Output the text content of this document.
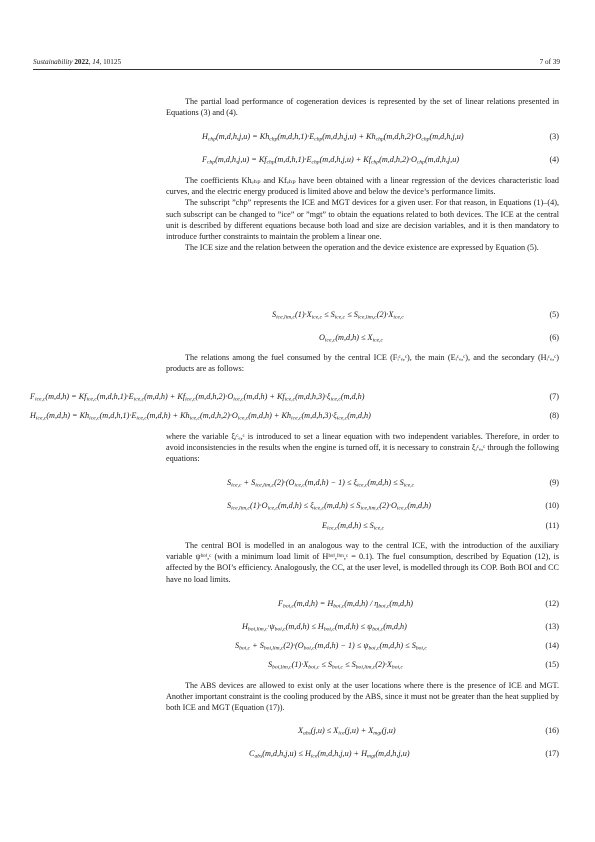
Sustainability 2022, 14, 10125	7 of 39

The partial load performance of cogeneration devices is represented by the set of linear relations presented in Equations (3) and (4).

$H_{chp}(m,d,h,j,u) = Kh_{chp}(m,d,h,1)\cdot E_{chp}(m,d,h,j,u) + Kh_{chp}(m,d,h,2)\cdot O_{chp}(m,d,h,j,u)$	(3)
$F_{chp}(m,d,h,j,u) = Kf_{chp}(m,d,h,1)\cdot E_{chp}(m,d,h,j,u) + Kf_{chp}(m,d,h,2)\cdot O_{chp}(m,d,h,j,u)$	(4)

The coefficients Khₑₕₚ and Kfₑₕₚ have been obtained with a linear regression of the devices characteristic load curves, and the electric energy produced is limited above and below the device’s performance limits.

The subscript ”chp” represents the ICE and MGT devices for a given user. For that reason, in Equations (1)–(4), such subscript can be changed to ”ice” or ”mgt” to obtain the equations related to both devices. The ICE at the central unit is described by different equations because both load and size are decision variables, and it is then mandatory to introduce further constraints to maintain the problem a linear one.

The ICE size and the relation between the operation and the device existence are expressed by Equation (5).

$S_{ice,lim,c}(1)\cdot X_{ice,c} \le S_{ice,c} \le S_{ice,lim,c}(2)\cdot X_{ice,c}$	(5)
$O_{ice,c}(m,d,h) \le X_{ice,c}$	(6)

The relations among the fuel consumed by the central ICE (Fᵢᶜₑ,ᶜ), the main (Eᵢᶜₑ,ᶜ), and the secondary (Hᵢᶜₑ,ᶜ) products are as follows:

$F_{ice,c}(m,d,h) = Kf_{ice,c}(m,d,h,1)\cdot E_{ice,c}(m,d,h) + Kf_{ice,c}(m,d,h,2)\cdot O_{ice,c}(m,d,h) + Kf_{ice,c}(m,d,h,3)\cdot\xi_{ice,c}(m,d,h)$	(7)
$H_{ice,c}(m,d,h) = Kh_{ice,c}(m,d,h,1)\cdot E_{ice,c}(m,d,h) + Kh_{ice,c}(m,d,h,2)\cdot O_{ice,c}(m,d,h) + Kh_{ice,c}(m,d,h,3)\cdot\xi_{ice,c}(m,d,h)$	(8)

where the variable ξᵢᶜₑ,ᶜ is introduced to set a linear equation with two independent variables. Therefore, in order to avoid inconsistencies in the results when the engine is turned off, it is necessary to constrain ξᵢᶜₑ,ᶜ through the following equations:

$S_{ice,c} + S_{ice,lim,c}(2)\cdot(O_{ice,c}(m,d,h) - 1) \le \xi_{ice,c}(m,d,h) \le S_{ice,c}$	(9)
$S_{ice,lim,c}(1)\cdot O_{ice,c}(m,d,h) \le \xi_{ice,c}(m,d,h) \le S_{ice,lim,c}(2)\cdot O_{ice,c}(m,d,h)$	(10)
$E_{ice,c}(m,d,h) \le S_{ice,c}$	(11)

The central BOI is modelled in an analogous way to the central ICE, with the introduction of the auxiliary variable ψᵇᵒⁱ,ᶜ (with a minimum load limit of Hᵇᵒⁱ,ˡⁱᵐ,ᶜ = 0.1). The fuel consumption, described by Equation (12), is affected by the BOI’s efficiency. Analogously, the CC, at the user level, is modelled through its COP. Both BOI and CC have no load limits.

$F_{boi,c}(m,d,h) = H_{boi,c}(m,d,h) / \eta_{boi,c}(m,d,h)$	(12)
$H_{boi,lim,c}\cdot\psi_{boi,c}(m,d,h) \le H_{boi,c}(m,d,h) \le \psi_{boi,c}(m,d,h)$	(13)
$S_{boi,c} + S_{boi,lim,c}(2)\cdot(O_{boi,c}(m,d,h) - 1) \le \psi_{boi,c}(m,d,h) \le S_{boi,c}$	(14)
$S_{boi,lim,c}(1)\cdot X_{boi,c} \le S_{boi,c} \le S_{boi,lim,c}(2)\cdot X_{boi,c}$	(15)

The ABS devices are allowed to exist only at the user locations where there is the presence of ICE and MGT. Another important constraint is the cooling produced by the ABS, since it must not be greater than the heat supplied by both ICE and MGT (Equation (17)).

$X_{abs}(j,u) \le X_{ice}(j,u) + X_{mgt}(j,u)$	(16)
$C_{abs}(m,d,h,j,u) \le H_{ice}(m,d,h,j,u) + H_{mgt}(m,d,h,j,u)$	(17)
